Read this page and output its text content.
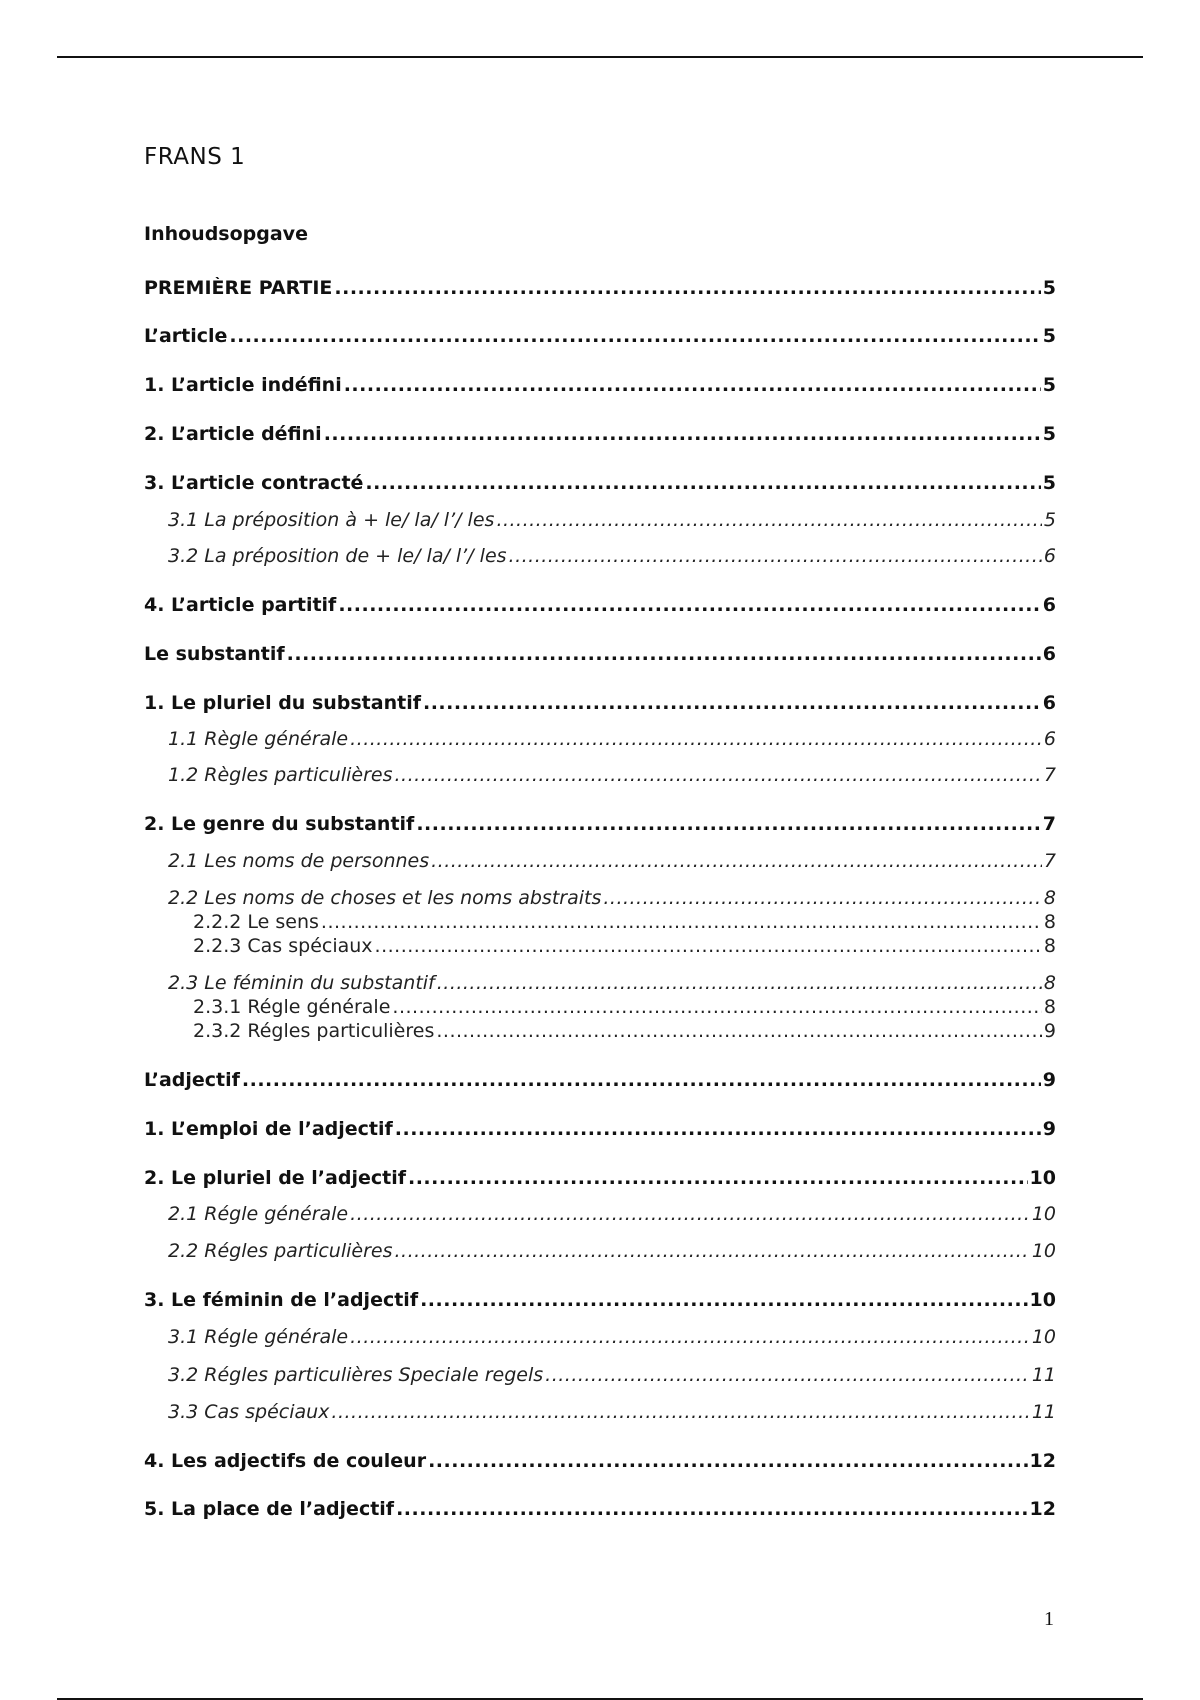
FRANS 1
Inhoudsopgave
PREMIÈRE PARTIE .....	5
L’article .....	5
1. L’article indéfini .....	5
2. L’article défini .....	5
3. L’article contracté .....	5
3.1 La préposition à + le/ la/ l’/ les .....	5
3.2 La préposition de + le/ la/ l’/ les .....	6
4. L’article partitif .....	6
Le substantif .....	6
1. Le pluriel du substantif .....	6
1.1 Règle générale .....	6
1.2 Règles particulières .....	7
2. Le genre du substantif .....	7
2.1 Les noms de personnes .....	7
2.2 Les noms de choses et les noms abstraits .....	8
2.2.2 Le sens .....	8
2.2.3 Cas spéciaux .....	8
2.3 Le féminin du substantif .....	8
2.3.1 Régle générale .....	8
2.3.2 Régles particulières .....	9
L’adjectif .....	9
1. L’emploi de l’adjectif .....	9
2. Le pluriel de l’adjectif .....	10
2.1 Régle générale .....	10
2.2 Régles particulières .....	10
3. Le féminin de l’adjectif .....	10
3.1 Régle générale .....	10
3.2 Régles particulières Speciale regels .....	11
3.3 Cas spéciaux .....	11
4. Les adjectifs de couleur .....	12
5. La place de l’adjectif .....	12
1
